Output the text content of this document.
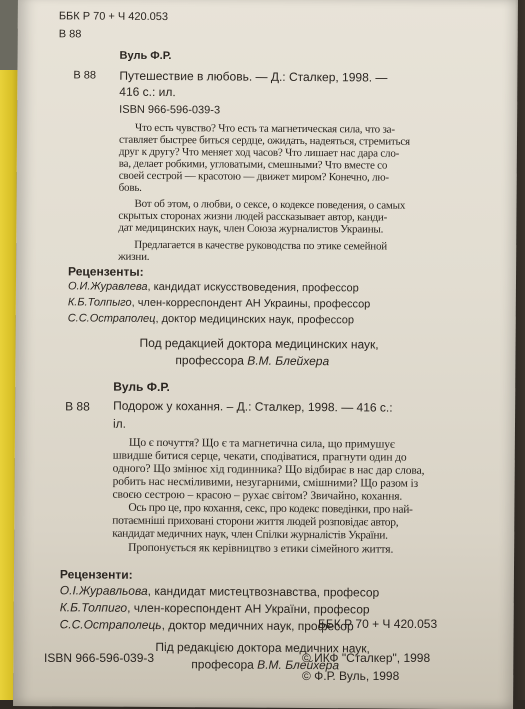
ББК Р 70 + Ч 420.053
В 88
Вуль Ф.Р.
В 88 Путешествие в любовь. — Д.: Сталкер, 1998. —
416 с.: ил.
ISBN 966-596-039-3
Что есть чувство? Что есть та магнетическая сила, что за-
ставляет быстрее биться сердце, ожидать, надеяться, стремиться
друг к другу? Что меняет ход часов? Что лишает нас дара сло-
ва, делает робкими, угловатыми, смешными? Что вместе со
своей сестрой — красотою — движет миром? Конечно, лю-
бовь.
Вот об этом, о любви, о сексе, о кодексе поведения, о самых
скрытых сторонах жизни людей рассказывает автор, канди-
дат медицинских наук, член Союза журналистов Украины.
Предлагается в качестве руководства по этике семейной
жизни.
Рецензенты:
О.И.Журавлева, кандидат искусствоведения, профессор
К.Б.Толпыго, член-корреспондент АН Украины, профессор
С.С.Остраполец, доктор медицинских наук, профессор
Под редакцией доктора медицинских наук,
профессора В.М. Блейхера
Вуль Ф.Р.
В 88 Подорож у кохання. – Д.: Сталкер, 1998. — 416 с.:
іл.
Що є почуття? Що є та магнетична сила, що примушує
швидше битися серце, чекати, сподіватися, прагнути один до
одного? Що змінює хід годинника? Що відбирає в нас дар слова,
робить нас несміливими, незугарними, смішними? Що разом із
своєю сестрою – красою – рухає світом? Звичайно, кохання.
Ось про це, про кохання, секс, про кодекс поведінки, про най-
потаємніші приховані сторони життя людей розповідає автор,
кандидат медичних наук, член Спілки журналістів України.
Пропонується як керівництво з етики сімейного життя.
Рецензенти:
О.І.Журавльова, кандидат мистецтвознавства, професор
К.Б.Толпиго, член-кореспондент АН України, професор
С.С.Остраполець, доктор медичних наук, професор
Під редакцією доктора медичних наук,
професора В.М. Блейхера
ISBN 966-596-039-3	© ИКФ "Сталкер", 1998
© Ф.Р. Вуль, 1998
ББК Р 70 + Ч 420.053
